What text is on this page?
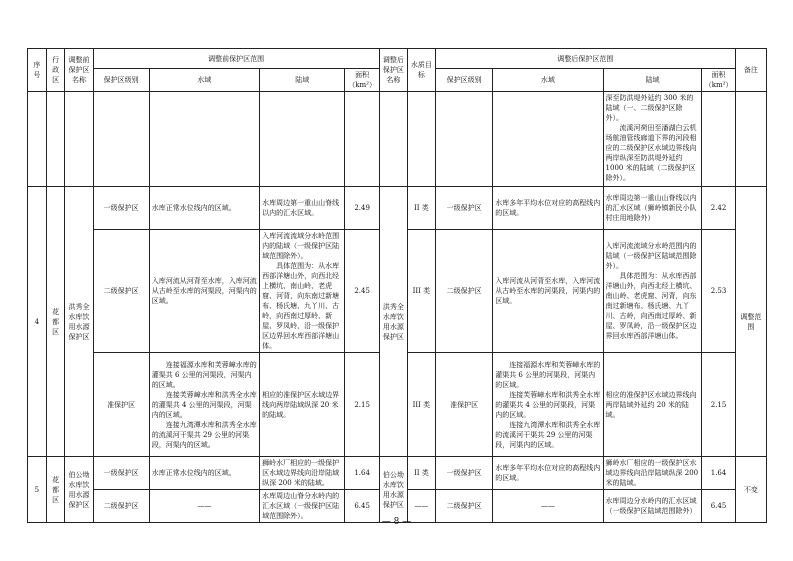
序号	行政区	调整前保护区名称	调整前保护区范围				调整后保护区名称	水质目标	调整后保护区范围				备注
			保护区级别	水域	陆域	面积（km²）			保护区级别	水域	陆域	面积（km²）	
											深至防洪堤外延约 300 米的陆域（一、二级保护区除外）。
　　流溪河荷田至潘湖白云机场航油管线廊道下界的河段相应的二级保护区水域边界线向两岸纵深至防洪堤外延约 1000 米的陆域（二级保护区除外）。		
4	花都区	洪秀全水库饮用水源保护区	一级保护区	水库正常水位线内的区域。	水库周边第一重山山脊线以内的汇水区域。	2.49	洪秀全水库饮用水源保护区	II 类	一级保护区	水库多年平均水位对应的高程线内的区域。	水库周边第一重山山脊线以内的汇水区域（狮岭镇新民小队村庄用地除外）	2.42	调整范围
			二级保护区	入库河流从河背至水库，入库河流从古岭至水库的河渠段，河渠内的区域。	入库河流流域分水岭范围内的陆域（一级保护区陆域范围除外）。
　　具体范围为：从水库西部洋塘山外，向西北经上横坑、南山岭、老虎窟、河背，向东南过新塘布、杨氏塘、九丫川、古岭，向西南过厚岭、新屋、罗凤岭，沿一级保护区边界回水库西部洋塘山体。	2.45		III 类	二级保护区	入库河流从河背至水库，入库河流从古岭至水库的河渠段，河渠内的区域。	入库河流流域分水岭范围内的陆域（一级保护区陆域范围除外）。
　　具体范围为：从水库西部洋塘山外，向西北经上横坑、南山岭、老虎窟、河背，向东南过新塘布、杨氏塘、九丫川、古岭，向西南过厚岭、新屋、罗凤岭，沿一级保护区边界回水库西部洋塘山体。	2.53	
			准保护区	　　连接福源水库和芙蓉嶂水库的灌渠共 6 公里的河渠段，河渠内的区域。
　　连接芙蓉嶂水库和洪秀全水库的灌渠共 4 公里的河渠段，河渠内的区域。
　　连接九湾潭水库和洪秀全水库的流溪河干渠共 29 公里的河渠段，河渠内的区域。	相应的准保护区水域边界线向两岸陆域纵深 20 米的陆域。	2.15		III 类	准保护区	　　连接福源水库和芙蓉嶂水库的灌渠共 6 公里的河渠段，河渠内的区域。
　　连接芙蓉嶂水库和洪秀全水库的灌渠共 4 公里的河渠段，河渠内的区域。
　　连接九湾潭水库和洪秀全水库的流溪河干渠共 29 公里的河渠段，河渠内的区域。	相应的准保护区水域边界线向两岸陆域外延约 20 米的陆域。	2.15	
5	花都区	伯公坳水库饮用水源保护区	一级保护区	水库正常水位线内的区域。	狮岭水厂相应的一级保护区水域边界线向沿岸陆域纵深 200 米的陆域。	1.64	伯公坳水库饮用水源保护区	II 类	一级保护区	水库多年平均水位对应的高程线内的区域。	狮岭水厂相应的一级保护区水域边界线向沿岸陆域纵深 200 米的陆域。	1.64	不变
			二级保护区	——	水库周边山脊分水岭内的汇水区域（一级保护区陆域范围除外）。	6.45		——	二级保护区	——	水库周边分水岭内的汇水区域（一级保护区陆域范围除外）	6.45	
— 8 —
